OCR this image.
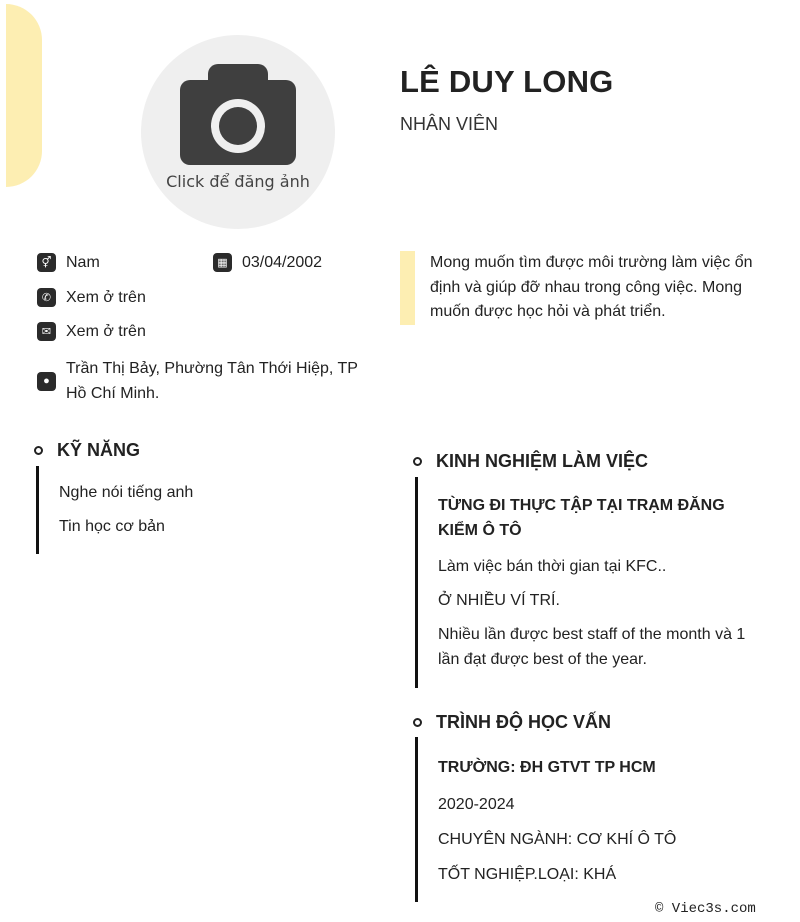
Click để đăng ảnh
LÊ DUY LONG
NHÂN VIÊN
⚥ Nam	▦ 03/04/2002
✆ Xem ở trên
✉ Xem ở trên
●
Trần Thị Bảy, Phường Tân Thới Hiệp, TP Hồ Chí Minh.
Mong muốn tìm được môi trường làm việc ổn định và giúp đỡ nhau trong công việc. Mong muốn được học hỏi và phát triển.
KỸ NĂNG
Nghe nói tiếng anh
Tin học cơ bản
KINH NGHIỆM LÀM VIỆC
TỪNG ĐI THỰC TẬP TẠI TRẠM ĐĂNG KIỂM Ô TÔ
Làm việc bán thời gian tại KFC..
Ở NHIỀU VÍ TRÍ.
Nhiều lần được best staff of the month và 1 lần đạt được best of the year.
TRÌNH ĐỘ HỌC VẤN
TRƯỜNG: ĐH GTVT TP HCM
2020-2024
CHUYÊN NGÀNH: CƠ KHÍ Ô TÔ
TỐT NGHIỆP.LOẠI: KHÁ
© Viec3s.com
